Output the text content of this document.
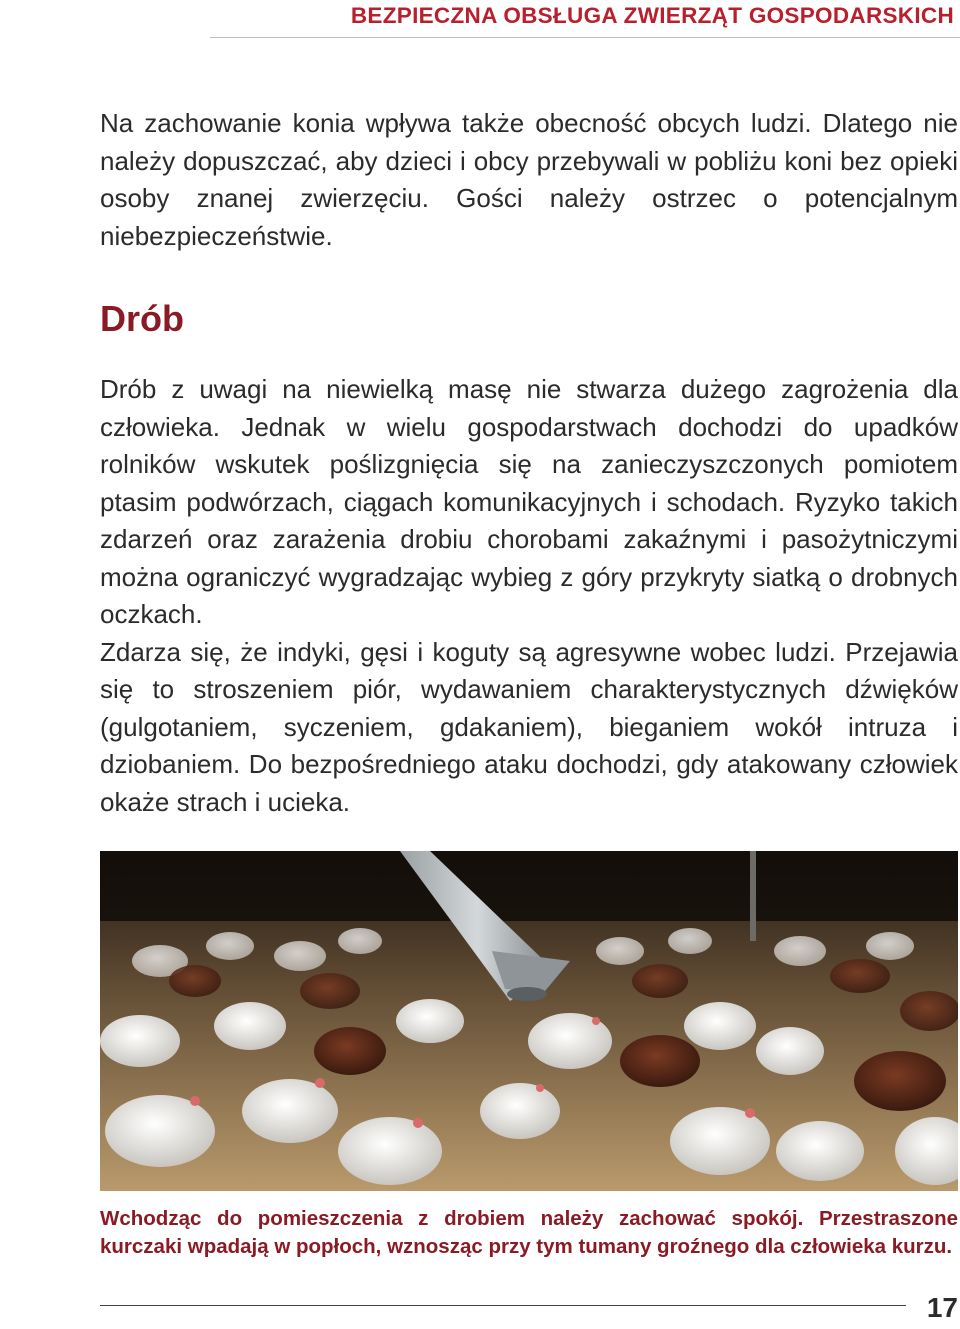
BEZPIECZNA OBSŁUGA ZWIERZĄT GOSPODARSKICH

Na zachowanie konia wpływa także obecność obcych ludzi. Dlatego nie należy dopuszczać, aby dzieci i obcy przebywali w pobliżu koni bez opieki osoby znanej zwierzęciu. Gości należy ostrzec o potencjalnym niebezpieczeństwie.

Drób
Drób z uwagi na niewielką masę nie stwarza dużego zagrożenia dla człowieka. Jednak w wielu gospodarstwach dochodzi do upadków rolników wskutek poślizgnięcia się na zanieczyszczonych pomiotem ptasim podwórzach, ciągach komunikacyjnych i schodach. Ryzyko takich zdarzeń oraz zarażenia drobiu chorobami zakaźnymi i pasożytniczymi można ograniczyć wygradzając wybieg z góry przykryty siatką o drobnych oczkach.
Zdarza się, że indyki, gęsi i koguty są agresywne wobec ludzi. Przejawia się to stroszeniem piór, wydawaniem charakterystycznych dźwięków (gulgotaniem, syczeniem, gdakaniem), bieganiem wokół intruza i dziobaniem. Do bezpośredniego ataku dochodzi, gdy atakowany człowiek okaże strach i ucieka.

Wchodząc do pomieszczenia z drobiem należy zachować spokój. Przestraszone kurczaki wpadają w popłoch, wznosząc przy tym tumany groźnego dla człowieka kurzu.

17
